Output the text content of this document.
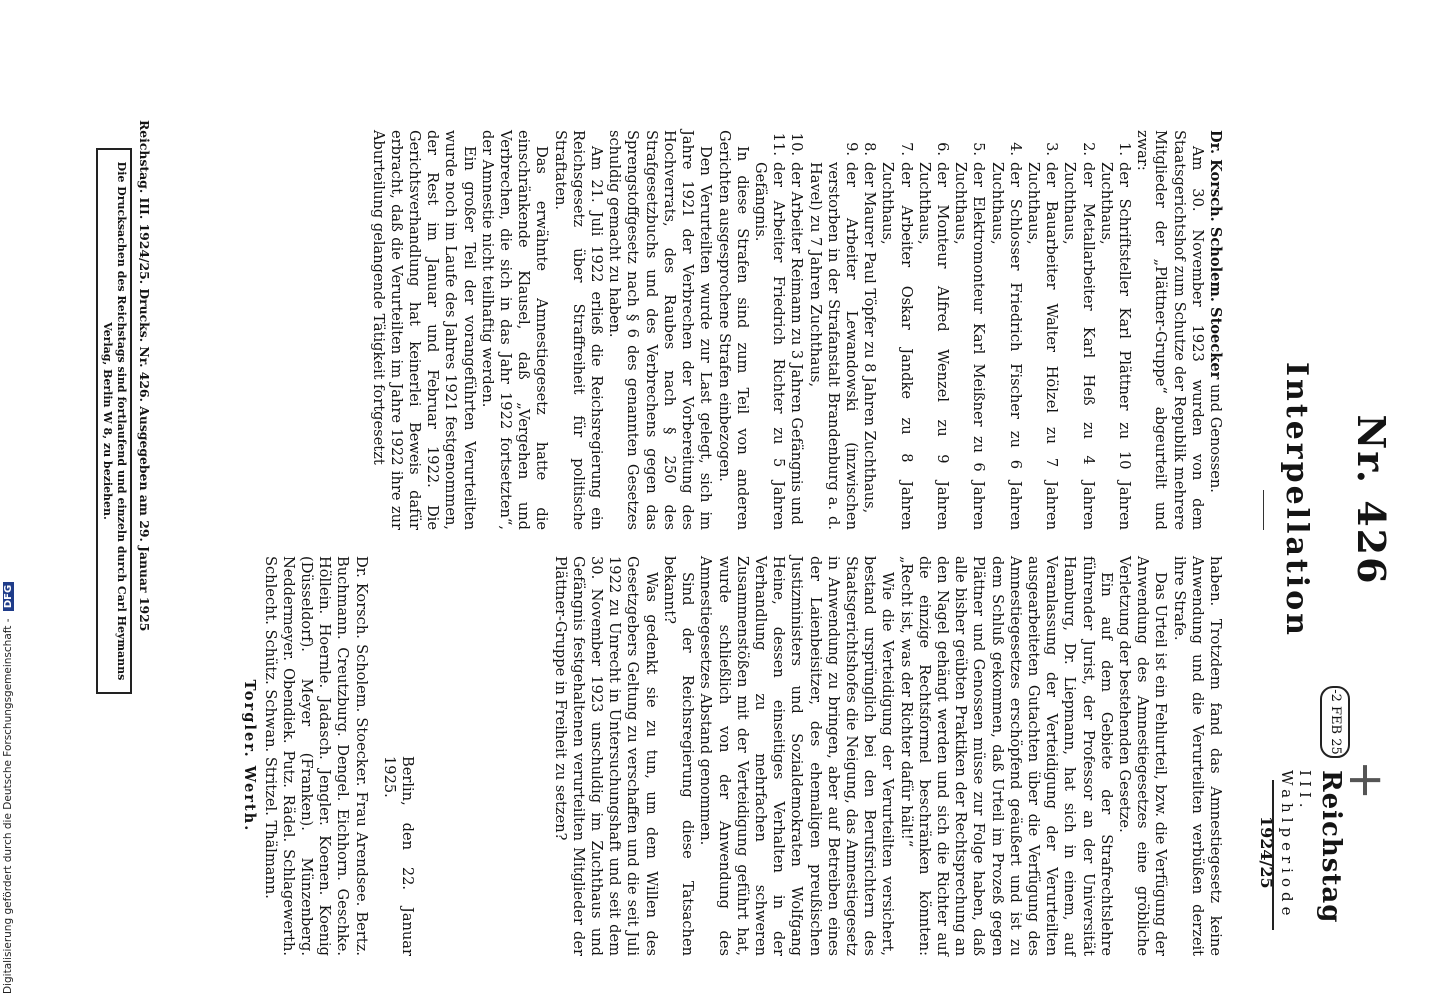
Digitalisierung gefördert durch die Deutsche Forschungsgemeinschaft - DFG
+
-2 FEB 25
Reichstag
III. Wahlperiode
1924/25
Nr. 426
Interpellation

Dr. Korsch. Scholem. Stoecker und Genossen.

Am 30. November 1923 wurden von dem Staatsgerichtshof zum Schutze der Republik mehrere Mitglieder der „Plättner-Gruppe“ abgeurteilt und zwar:

1.
der Schriftsteller Karl Plättner zu 10 Jahren Zuchthaus,
2.
der Metallarbeiter Karl Heß zu 4 Jahren Zuchthaus,
3.
der Bauarbeiter Walter Hölzel zu 7 Jahren Zuchthaus,
4.
der Schlosser Friedrich Fischer zu 6 Jahren Zuchthaus,
5.
der Elektromonteur Karl Meißner zu 6 Jahren Zuchthaus,
6.
der Monteur Alfred Wenzel zu 9 Jahren Zuchthaus,
7.
der Arbeiter Oskar Jandke zu 8 Jahren Zuchthaus,
8.
der Maurer Paul Töpfer zu 8 Jahren Zuchthaus,
9.
der Arbeiter Lewandowski (inzwischen verstorben in der Strafanstalt Brandenburg a. d. Havel) zu 7 Jahren Zuchthaus,
10.
der Arbeiter Reimann zu 3 Jahren Gefängnis und
11.
der Arbeiter Friedrich Richter zu 5 Jahren Gefängnis.

In diese Strafen sind zum Teil von anderen Gerichten ausgesprochene Strafen einbezogen.

Den Verurteilten wurde zur Last gelegt, sich im Jahre 1921 der Verbrechen der Vorbereitung des Hochverrats, des Raubes nach § 250 des Strafgesetzbuchs und des Verbrechens gegen das Sprengstoffgesetz nach § 6 des genannten Gesetzes schuldig gemacht zu haben.

Am 21. Juli 1922 erließ die Reichsregierung ein Reichsgesetz über Straffreiheit für politische Straftaten.

Das erwähnte Amnestiegesetz hatte die einschränkende Klausel, daß „Vergehen und Verbrechen, die sich in das Jahr 1922 fortsetzten“, der Amnestie nicht teilhaftig werden.

Ein großer Teil der vorangeführten Verurteilten wurde noch im Laufe des Jahres 1921 festgenommen, der Rest im Januar und Februar 1922. Die Gerichtsverhandlung hat keinerlei Beweis dafür erbracht, daß die Verurteilten im Jahre 1922 ihre zur Aburteilung gelangende Tätigkeit fortgesetzt

haben. Trotzdem fand das Amnestiegesetz keine Anwendung und die Verurteilten verbüßen derzeit ihre Strafe.

Das Urteil ist ein Fehlurteil, bzw. die Verfügung der Anwendung des Amnestiegesetzes eine gröbliche Verletzung der bestehenden Gesetze.

Ein auf dem Gebiete der Strafrechtslehre führender Jurist, der Professor an der Universität Hamburg, Dr. Liepmann, hat sich in einem, auf Veranlassung der Verteidigung der Verurteilten ausgearbeiteten Gutachten über die Verfügung des Amnestiegesetzes erschöpfend geäußert und ist zu dem Schluß gekommen, daß Urteil im Prozeß gegen Plättner und Genossen müsse zur Folge haben, daß alle bisher geübten Praktiken der Rechtsprechung an den Nagel gehängt werden und sich die Richter auf die einzige Rechtsformel beschränken könnten: „Recht ist, was der Richter dafür hält!“

Wie die Verteidigung der Verurteilten versichert, bestand ursprünglich bei den Berufsrichtern des Staatsgerichtshofes die Neigung, das Amnestiegesetz in Anwendung zu bringen, aber auf Betreiben eines der Laienbeisitzer, des ehemaligen preußischen Justizministers und Sozialdemokraten Wolfgang Heine, dessen einseitiges Verhalten in der Verhandlung zu mehrfachen schweren Zusammenstößen mit der Verteidigung geführt hat, wurde schließlich von der Anwendung des Amnestiegesetzes Abstand genommen.

Sind der Reichsregierung diese Tatsachen bekannt?

Was gedenkt sie zu tun, um dem Willen des Gesetzgebers Geltung zu verschaffen und die seit Juli 1922 zu Unrecht in Untersuchungshaft und seit dem 30. November 1923 unschuldig im Zuchthaus und Gefängnis festgehaltenen verurteilten Mitglieder der Plättner-Gruppe in Freiheit zu setzen?

Berlin, den 22. Januar 1925.

Dr. Korsch. Scholem. Stoecker. Frau Arendsee. Bertz. Buchmann. Creutzburg. Dengel. Eichhorn. Geschke. Höllein. Hoernle. Jadasch. Jengler. Koenen. Koenig (Düsseldorf). Meyer (Franken). Münzenberg. Neddermeyer. Obendiek. Putz. Rädel. Schlagewerth. Schlecht. Schütz. Schwan. Stritzel. Thälmann.

Torgler. Werth.

Reichstag. III. 1924/25. Drucks. Nr. 426. Ausgegeben am 29. Januar 1925
Die Drucksachen des Reichstags sind fortlaufend und einzeln durch Carl Heymanns Verlag, Berlin W 8, zu beziehen.
